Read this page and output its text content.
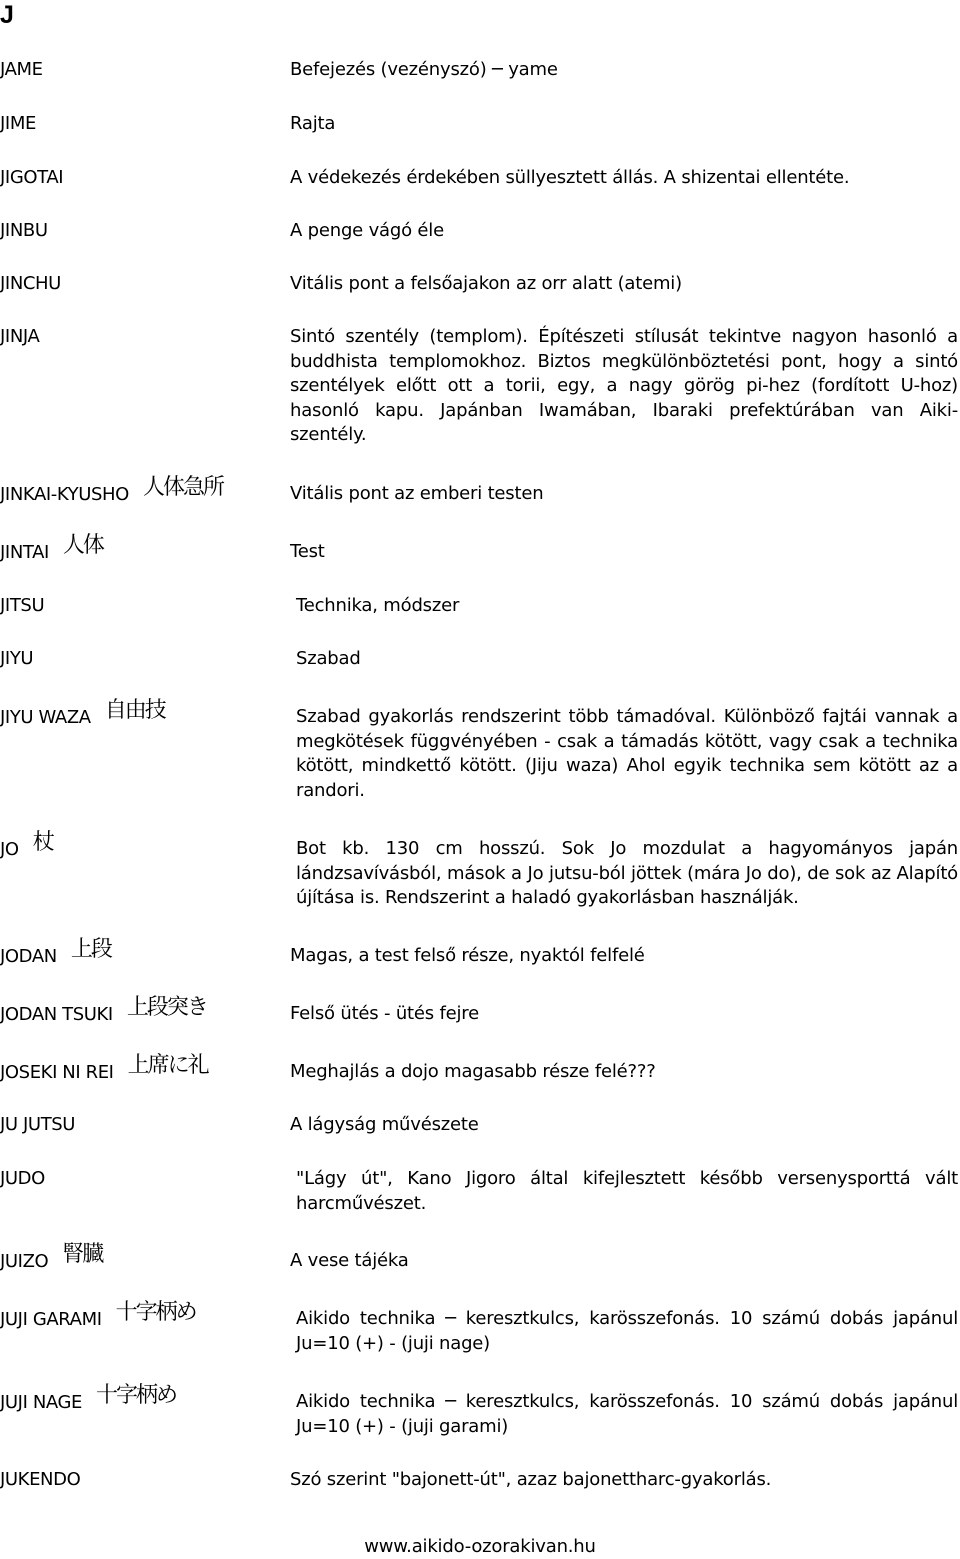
J
JAME	Befejezés (vezényszó) ─ yame
JIME	Rajta
JIGOTAI	A védekezés érdekében süllyesztett állás. A shizentai ellentéte.
JINBU	A penge vágó éle
JINCHU	Vitális pont a felsőajakon az orr alatt (atemi)
JINJA	Sintó szentély (templom). Építészeti stílusát tekintve nagyon hasonló a buddhista templomokhoz. Biztos megkülönböztetési pont, hogy a sintó szentélyek előtt ott a torii, egy, a nagy görög pi-hez (fordított U-hoz) hasonló kapu. Japánban Iwamában, Ibaraki prefektúrában van Aiki-szentély.
JINKAI-KYUSHO 人体急所	Vitális pont az emberi testen
JINTAI 人体	Test
JITSU	Technika, módszer
JIYU	Szabad
JIYU WAZA 自由技	Szabad gyakorlás rendszerint több támadóval. Különböző fajtái vannak a megkötések függvényében - csak a támadás kötött, vagy csak a technika kötött, mindkettő kötött. (Jiju waza) Ahol egyik technika sem kötött az a randori.
JO 杖	Bot kb. 130 cm hosszú. Sok Jo mozdulat a hagyományos japán lándzsavívásból, mások a Jo jutsu-ból jöttek (mára Jo do), de sok az Alapító újítása is. Rendszerint a haladó gyakorlásban használják.
JODAN 上段	Magas, a test felső része, nyaktól felfelé
JODAN TSUKI 上段突き	Felső ütés - ütés fejre
JOSEKI NI REI 上席に礼	Meghajlás a dojo magasabb része felé???
JU JUTSU	A lágyság művészete
JUDO	"Lágy út", Kano Jigoro által kifejlesztett később versenysporttá vált harcművészet.
JUIZO 腎臓	A vese tájéka
JUJI GARAMI 十字柄め	Aikido technika ─ keresztkulcs, karösszefonás. 10 számú dobás japánul Ju=10 (+) - (juji nage)
JUJI NAGE 十字柄め	Aikido technika ─ keresztkulcs, karösszefonás. 10 számú dobás japánul Ju=10 (+) - (juji garami)
JUKENDO	Szó szerint "bajonett-út", azaz bajonettharc-gyakorlás.
www.aikido-ozorakivan.hu
